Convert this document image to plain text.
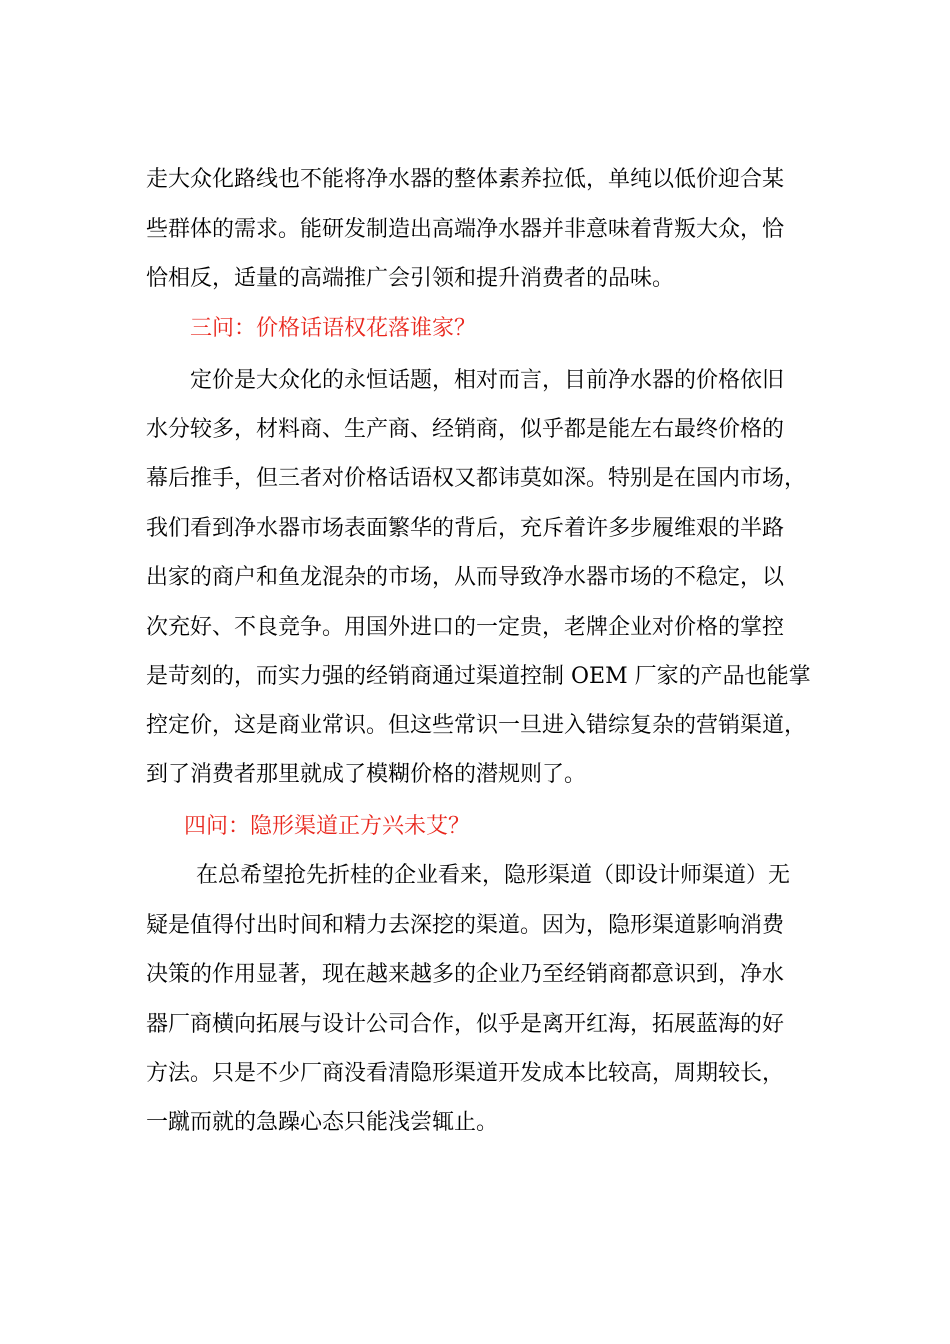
走大众化路线也不能将净水器的整体素养拉低，单纯以低价迎合某

些群体的需求。能研发制造出高端净水器并非意味着背叛大众，恰

恰相反，适量的高端推广会引领和提升消费者的品味。

三问：价格话语权花落谁家？

定价是大众化的永恒话题，相对而言，目前净水器的价格依旧

水分较多，材料商、生产商、经销商，似乎都是能左右最终价格的

幕后推手，但三者对价格话语权又都讳莫如深。特别是在国内市场，

我们看到净水器市场表面繁华的背后，充斥着许多步履维艰的半路

出家的商户和鱼龙混杂的市场，从而导致净水器市场的不稳定，以

次充好、不良竞争。用国外进口的一定贵，老牌企业对价格的掌控

是苛刻的，而实力强的经销商通过渠道控制 OEM 厂家的产品也能掌

控定价，这是商业常识。但这些常识一旦进入错综复杂的营销渠道，

到了消费者那里就成了模糊价格的潜规则了。

四问：隐形渠道正方兴未艾？

在总希望抢先折桂的企业看来，隐形渠道（即设计师渠道）无

疑是值得付出时间和精力去深挖的渠道。因为，隐形渠道影响消费

决策的作用显著，现在越来越多的企业乃至经销商都意识到，净水

器厂商横向拓展与设计公司合作，似乎是离开红海，拓展蓝海的好

方法。只是不少厂商没看清隐形渠道开发成本比较高，周期较长，

一蹴而就的急躁心态只能浅尝辄止。
